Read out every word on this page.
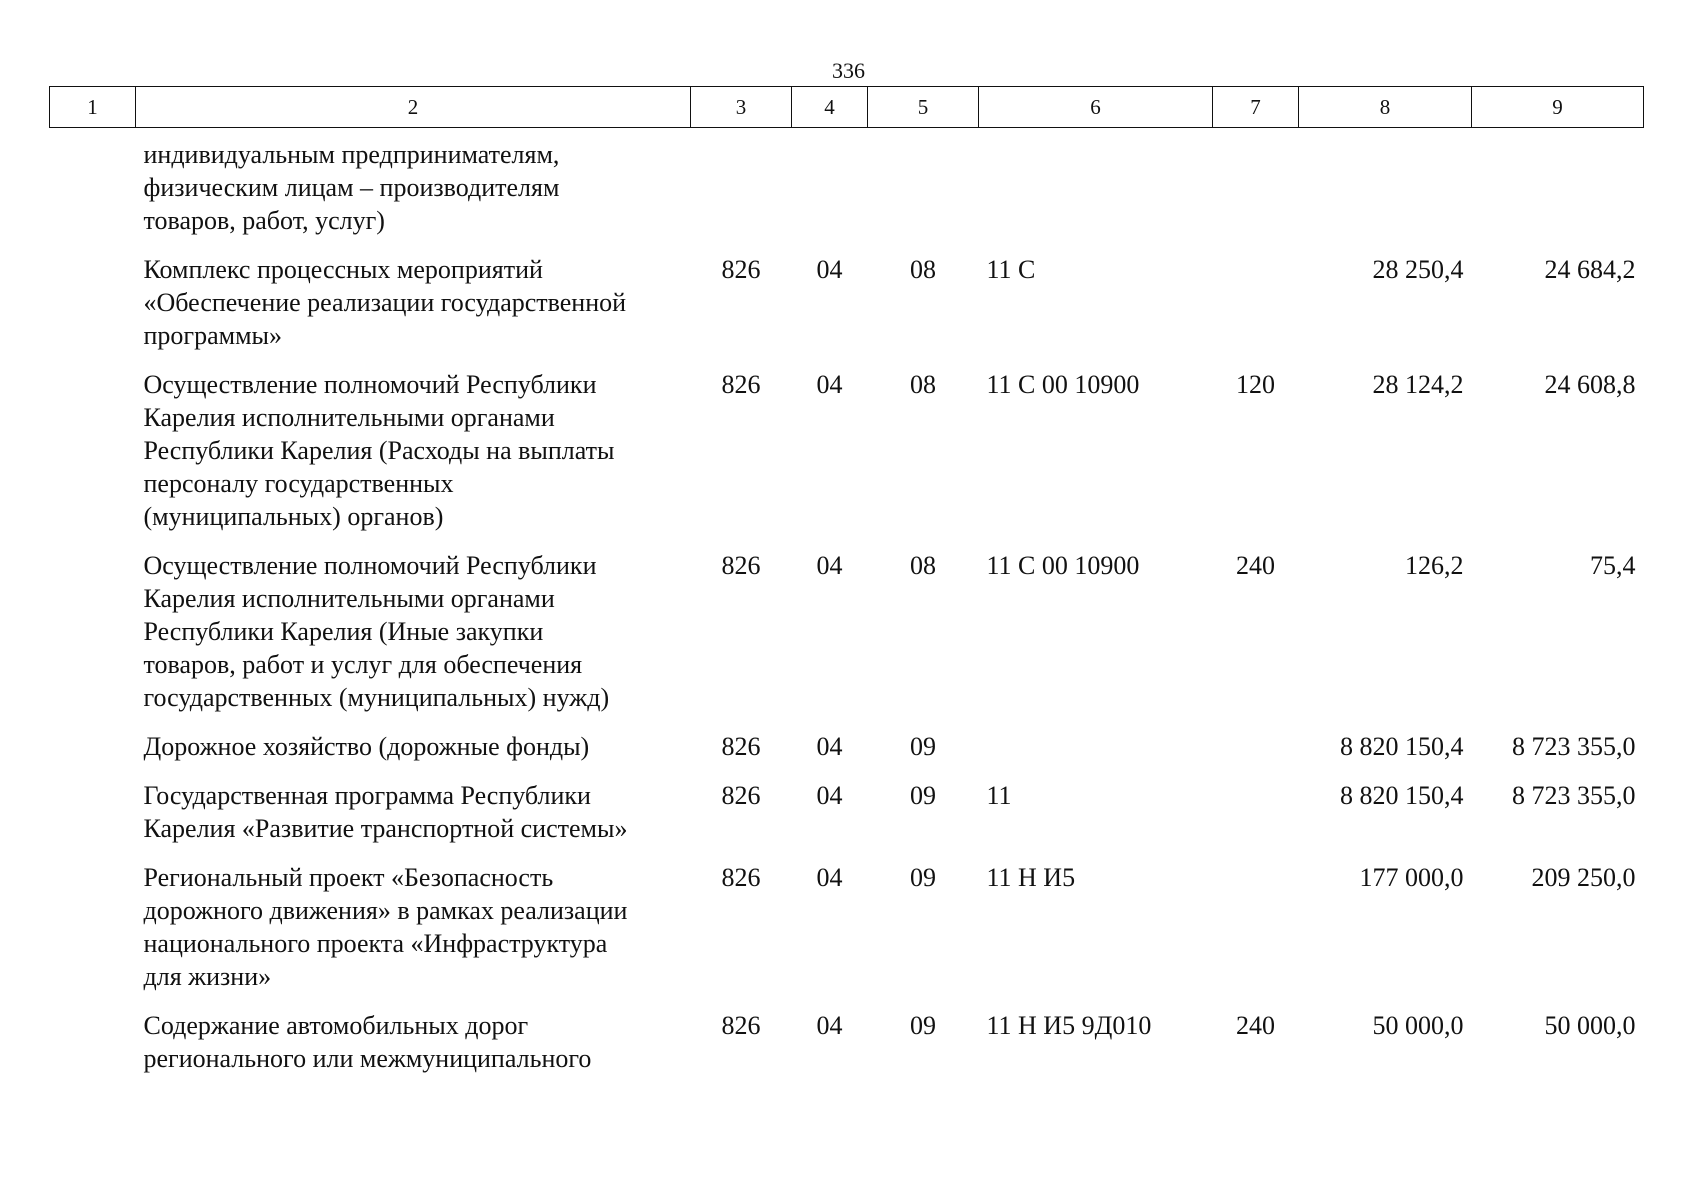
336
1	2	3	4	5	6	7	8	9
	индивидуальным предпринимателям,
физическим лицам – производителям
товаров, работ, услуг)							
	Комплекс процессных мероприятий
«Обеспечение реализации государственной
программы»	826	04	08	11 С		28 250,4	24 684,2
	Осуществление полномочий Республики
Карелия исполнительными органами
Республики Карелия (Расходы на выплаты
персоналу государственных
(муниципальных) органов)	826	04	08	11 С 00 10900	120	28 124,2	24 608,8
	Осуществление полномочий Республики
Карелия исполнительными органами
Республики Карелия (Иные закупки
товаров, работ и услуг для обеспечения
государственных (муниципальных) нужд)	826	04	08	11 С 00 10900	240	126,2	75,4
	Дорожное хозяйство (дорожные фонды)	826	04	09			8 820 150,4	8 723 355,0
	Государственная программа Республики
Карелия «Развитие транспортной системы»	826	04	09	11		8 820 150,4	8 723 355,0
	Региональный проект «Безопасность
дорожного движения» в рамках реализации
национального проекта «Инфраструктура
для жизни»	826	04	09	11 Н И5		177 000,0	209 250,0
	Содержание автомобильных дорог
регионального или межмуниципального	826	04	09	11 Н И5 9Д010	240	50 000,0	50 000,0
